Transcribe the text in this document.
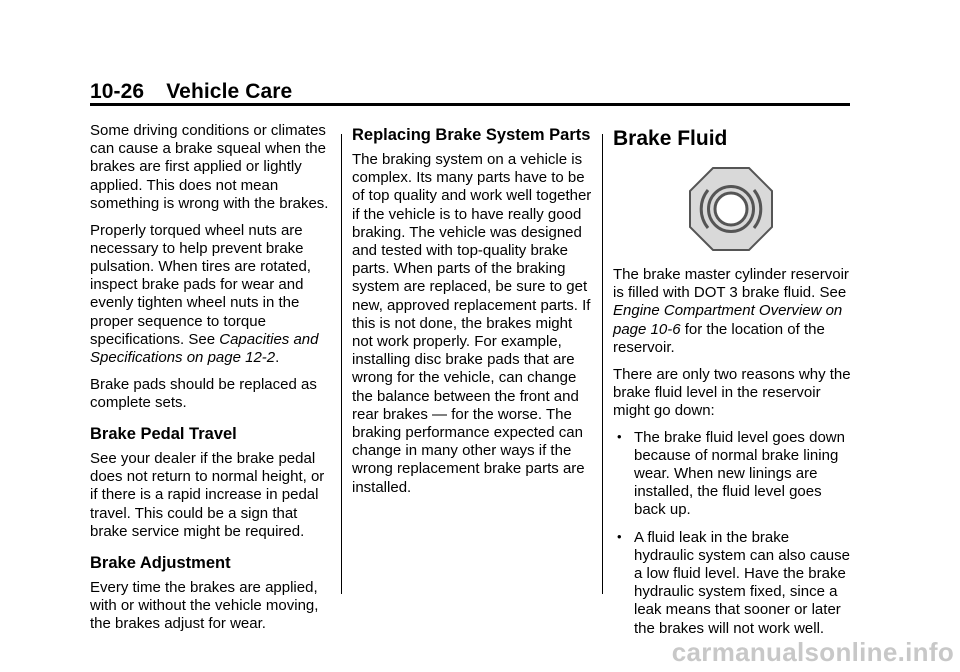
10-26 Vehicle Care

Some driving conditions or climates can cause a brake squeal when the brakes are first applied or lightly applied. This does not mean something is wrong with the brakes.

Properly torqued wheel nuts are necessary to help prevent brake pulsation. When tires are rotated, inspect brake pads for wear and evenly tighten wheel nuts in the proper sequence to torque specifications. See Capacities and Specifications on page 12-2.

Brake pads should be replaced as complete sets.

Brake Pedal Travel

See your dealer if the brake pedal does not return to normal height, or if there is a rapid increase in pedal travel. This could be a sign that brake service might be required.

Brake Adjustment

Every time the brakes are applied, with or without the vehicle moving, the brakes adjust for wear.

Replacing Brake System Parts

The braking system on a vehicle is complex. Its many parts have to be of top quality and work well together if the vehicle is to have really good braking. The vehicle was designed and tested with top-quality brake parts. When parts of the braking system are replaced, be sure to get new, approved replacement parts. If this is not done, the brakes might not work properly. For example, installing disc brake pads that are wrong for the vehicle, can change the balance between the front and rear brakes — for the worse. The braking performance expected can change in many other ways if the wrong replacement brake parts are installed.

Brake Fluid

The brake master cylinder reservoir is filled with DOT 3 brake fluid. See Engine Compartment Overview on page 10-6 for the location of the reservoir.

There are only two reasons why the brake fluid level in the reservoir might go down:

• The brake fluid level goes down because of normal brake lining wear. When new linings are installed, the fluid level goes back up.
• A fluid leak in the brake hydraulic system can also cause a low fluid level. Have the brake hydraulic system fixed, since a leak means that sooner or later the brakes will not work well.
carmanualsonline.info
